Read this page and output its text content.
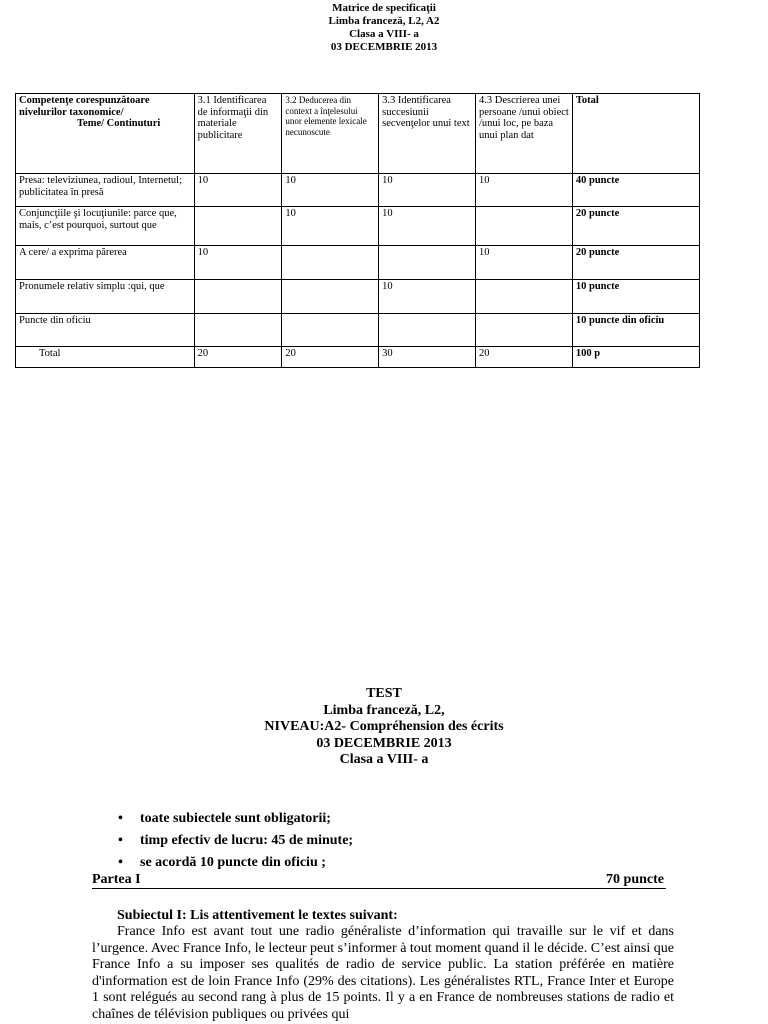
Matrice de specificaţii
Limba franceză, L2, A2
Clasa a VIII- a
03 DECEMBRIE 2013
Competenţe corespunzătoare nivelurilor taxonomice/
Teme/ Continuturi	3.1 Identificarea de informaţii din materiale publicitare	3.2 Deducerea din context a înţelesului unor elemente lexicale necunoscute	3.3 Identificarea succesiunii secvenţelor unui text	4.3 Descrierea unei persoane /unui obiect /unui loc, pe baza unui plan dat	Total
Presa: televiziunea, radioul, Internetul; publicitatea în presă	10	10	10	10	40 puncte
Conjuncţiile şi locuţiunile: parce que, mais, c’est pourquoi, surtout que		10	10		20 puncte
A cere/ a exprima părerea	10			10	20 puncte
Pronumele relativ simplu :qui, que			10		10 puncte
Puncte din oficiu					10 puncte din oficiu
Total	20	20	30	20	100 p
TEST
Limba franceză, L2,
NIVEAU:A2- Compréhension des écrits
03 DECEMBRIE 2013
Clasa a VIII- a
• toate subiectele sunt obligatorii;
• timp efectiv de lucru: 45 de minute;
• se acordă 10 puncte din oficiu ;
Partea I	70 puncte
Subiectul I: Lis attentivement le textes suivant:

France Info est avant tout une radio généraliste d’information qui travaille sur le vif et dans l’urgence. Avec France Info, le lecteur peut s’informer à tout moment quand il le décide. C’est ainsi que France Info a su imposer ses qualités de radio de service public. La station préférée en matière d'information est de loin France Info (29% des citations). Les généralistes RTL, France Inter et Europe 1 sont relégués au second rang à plus de 15 points. Il y a en France de nombreuses stations de radio et chaînes de télévision publiques ou privées qui
